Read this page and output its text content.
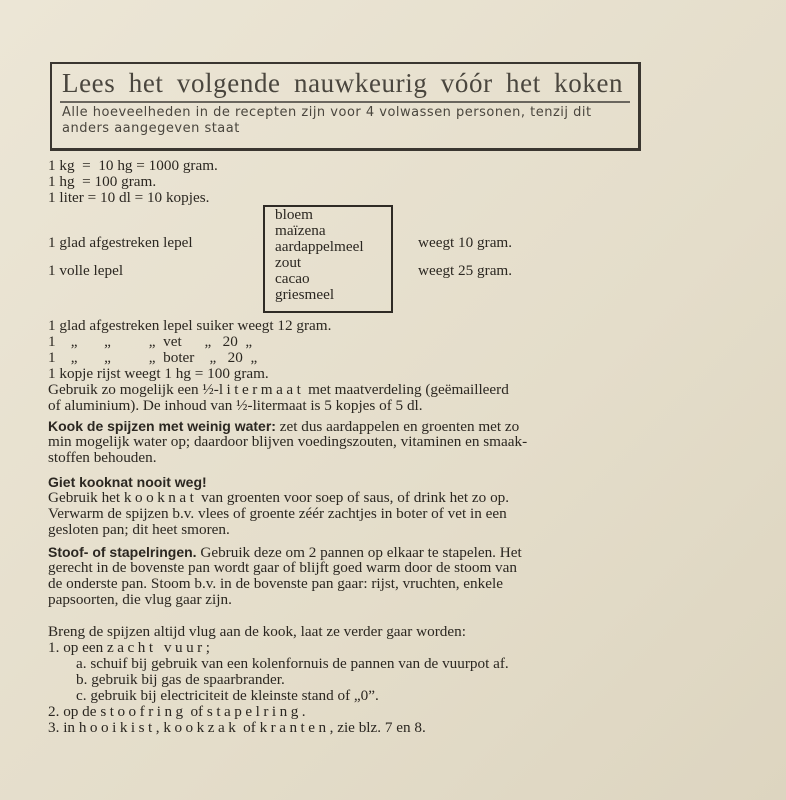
Lees het volgende nauwkeurig vóór het koken
Alle hoeveelheden in de recepten zijn voor 4 volwassen personen, tenzij dit anders aangegeven staat
1 kg  =  10 hg = 1000 gram.
1 hg  = 100 gram.
1 liter = 10 dl = 10 kopjes.
1 glad afgestreken lepel
1 volle lepel
bloem
maïzena
aardappelmeel
zout
cacao
griesmeel
weegt 10 gram.
weegt 25 gram.
1 glad afgestreken lepel suiker weegt 12 gram.
1    „       „          „  vet      „   20  „
1    „       „          „  boter    „   20  „
1 kopje rijst weegt 1 hg = 100 gram.
Gebruik zo mogelijk een ½-litermaat met maatverdeling (geëmailleerd
of aluminium). De inhoud van ½-litermaat is 5 kopjes of 5 dl.
Kook de spijzen met weinig water: zet dus aardappelen en groenten met zo
min mogelijk water op; daardoor blijven voedingszouten, vitaminen en smaak-
stoffen behouden.
Giet kooknat nooit weg!
Gebruik het kooknat van groenten voor soep of saus, of drink het zo op.
Verwarm de spijzen b.v. vlees of groente zéér zachtjes in boter of vet in een
gesloten pan; dit heet smoren.
Stoof- of stapelringen. Gebruik deze om 2 pannen op elkaar te stapelen. Het
gerecht in de bovenste pan wordt gaar of blijft goed warm door de stoom van
de onderste pan. Stoom b.v. in de bovenste pan gaar: rijst, vruchten, enkele
papsoorten, die vlug gaar zijn.
Breng de spijzen altijd vlug aan de kook, laat ze verder gaar worden:
1. op een zacht vuur;
a. schuif bij gebruik van een kolenfornuis de pannen van de vuurpot af.
b. gebruik bij gas de spaarbrander.
c. gebruik bij electriciteit de kleinste stand of „0”.
2. op de stoofring of stapelring.
3. in hooikist, kookzak of kranten, zie blz. 7 en 8.
